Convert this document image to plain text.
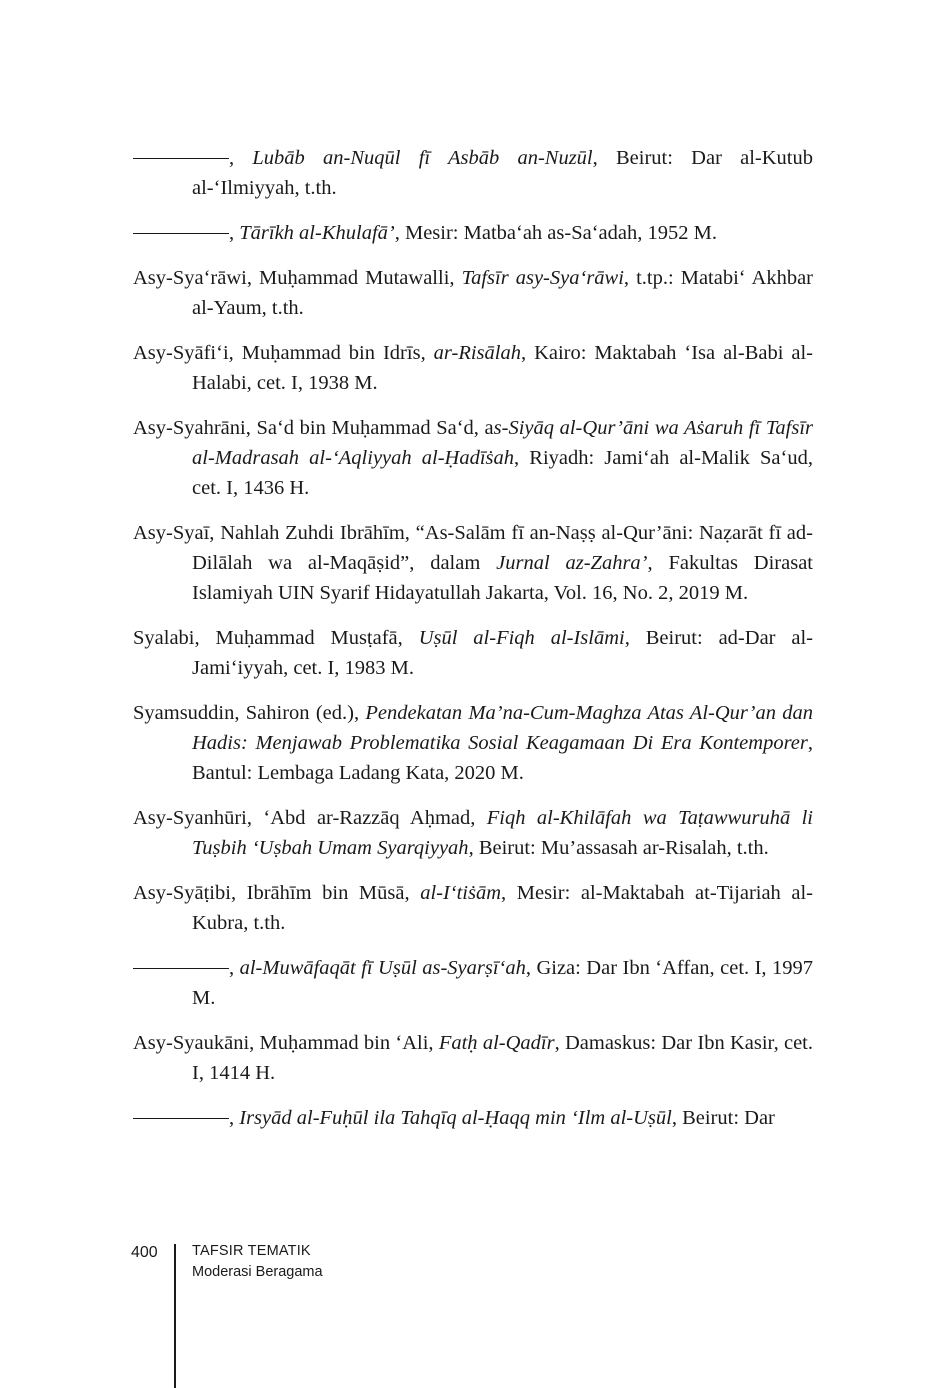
, Lubāb an-Nuqūl fī Asbāb an-Nuzūl, Beirut: Dar al-Kutub al-‘Ilmiyyah, t.th.

, Tārīkh al-Khulafā’, Mesir: Matba‘ah as-Sa‘adah, 1952 M.

Asy-Sya‘rāwi, Muḥammad Mutawalli, Tafsīr asy-Sya‘rāwi, t.tp.: Matabi‘ Akhbar al-Yaum, t.th.

Asy-Syāfi‘i, Muḥammad bin Idrīs, ar-Risālah, Kairo: Maktabah ‘Isa al-Babi al-Halabi, cet. I, 1938 M.

Asy-Syahrāni, Sa‘d bin Muḥammad Sa‘d, as-Siyāq al-Qur’āni wa Aṡaruh fī Tafsīr al-Madrasah al-‘Aqliyyah al-Ḥadīṡah, Riyadh: Jami‘ah al-Malik Sa‘ud, cet. I, 1436 H.

Asy-Syaī, Nahlah Zuhdi Ibrāhīm, “As-Salām fī an-Naṣṣ al-Qur’āni: Naẓarāt fī ad-Dilālah wa al-Maqāṣid”, dalam Jurnal az-Zahra’, Fakultas Dirasat Islamiyah UIN Syarif Hidayatullah Jakarta, Vol. 16, No. 2, 2019 M.

Syalabi, Muḥammad Musṭafā, Uṣūl al-Fiqh al-Islāmi, Beirut: ad-Dar al-Jami‘iyyah, cet. I, 1983 M.

Syamsuddin, Sahiron (ed.), Pendekatan Ma’na-Cum-Maghza Atas Al-Qur’an dan Hadis: Menjawab Problematika Sosial Keagamaan Di Era Kontemporer, Bantul: Lembaga Ladang Kata, 2020 M.

Asy-Syanhūri, ‘Abd ar-Razzāq Aḥmad, Fiqh al-Khilāfah wa Taṭawwuruhā li Tuṣbih ‘Uṣbah Umam Syarqiyyah, Beirut: Mu’assasah ar-Risalah, t.th.

Asy-Syāṭibi, Ibrāhīm bin Mūsā, al-I‘tiṡām, Mesir: al-Maktabah at-Tijariah al-Kubra, t.th.

, al-Muwāfaqāt fī Uṣūl as-Syarṣī‘ah, Giza: Dar Ibn ‘Affan, cet. I, 1997 M.

Asy-Syaukāni, Muḥammad bin ‘Ali, Fatḥ al-Qadīr, Damaskus: Dar Ibn Kasir, cet. I, 1414 H.

, Irsyād al-Fuḥūl ila Tahqīq al-Ḥaqq min ‘Ilm al-Uṣūl, Beirut: Dar

400 TAFSIR TEMATIK
Moderasi Beragama
